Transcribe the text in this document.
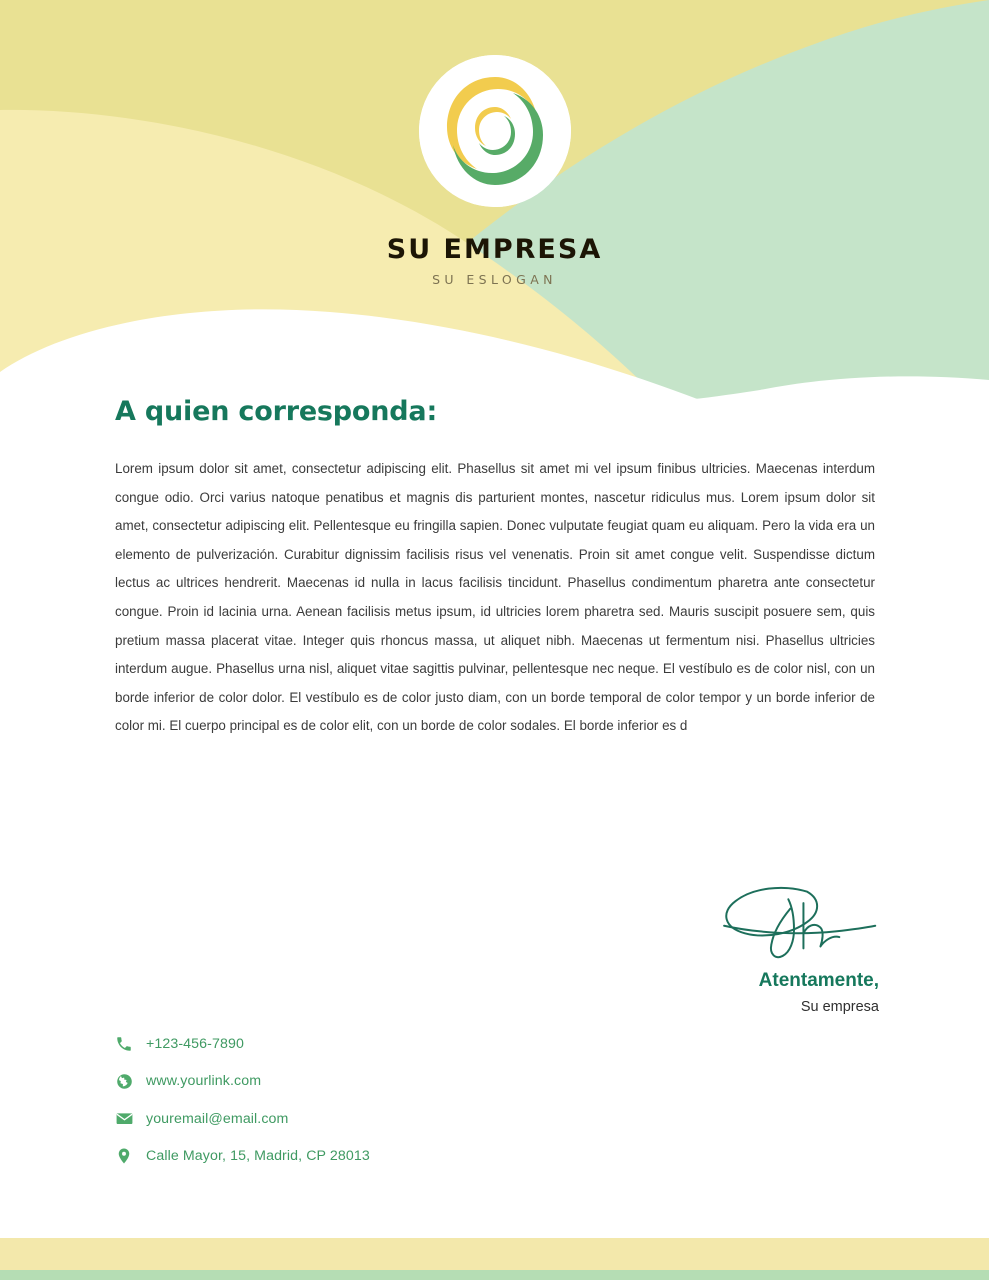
SU EMPRESA
SU ESLOGAN
A quien corresponda:

Lorem ipsum dolor sit amet, consectetur adipiscing elit. Phasellus sit amet mi vel ipsum finibus ultricies. Maecenas interdum congue odio. Orci varius natoque penatibus et magnis dis parturient montes, nascetur ridiculus mus. Lorem ipsum dolor sit amet, consectetur adipiscing elit. Pellentesque eu fringilla sapien. Donec vulputate feugiat quam eu aliquam. Pero la vida era un elemento de pulverización. Curabitur dignissim facilisis risus vel venenatis. Proin sit amet congue velit. Suspendisse dictum lectus ac ultrices hendrerit. Maecenas id nulla in lacus facilisis tincidunt. Phasellus condimentum pharetra ante consectetur congue. Proin id lacinia urna. Aenean facilisis metus ipsum, id ultricies lorem pharetra sed. Mauris suscipit posuere sem, quis pretium massa placerat vitae. Integer quis rhoncus massa, ut aliquet nibh. Maecenas ut fermentum nisi. Phasellus ultricies interdum augue. Phasellus urna nisl, aliquet vitae sagittis pulvinar, pellentesque nec neque. El vestíbulo es de color nisl, con un borde inferior de color dolor. El vestíbulo es de color justo diam, con un borde temporal de color tempor y un borde inferior de color mi. El cuerpo principal es de color elit, con un borde de color sodales. El borde inferior es d

Atentamente,
Su empresa
+123-456-7890
www.yourlink.com
youremail@email.com
Calle Mayor, 15, Madrid, CP 28013
